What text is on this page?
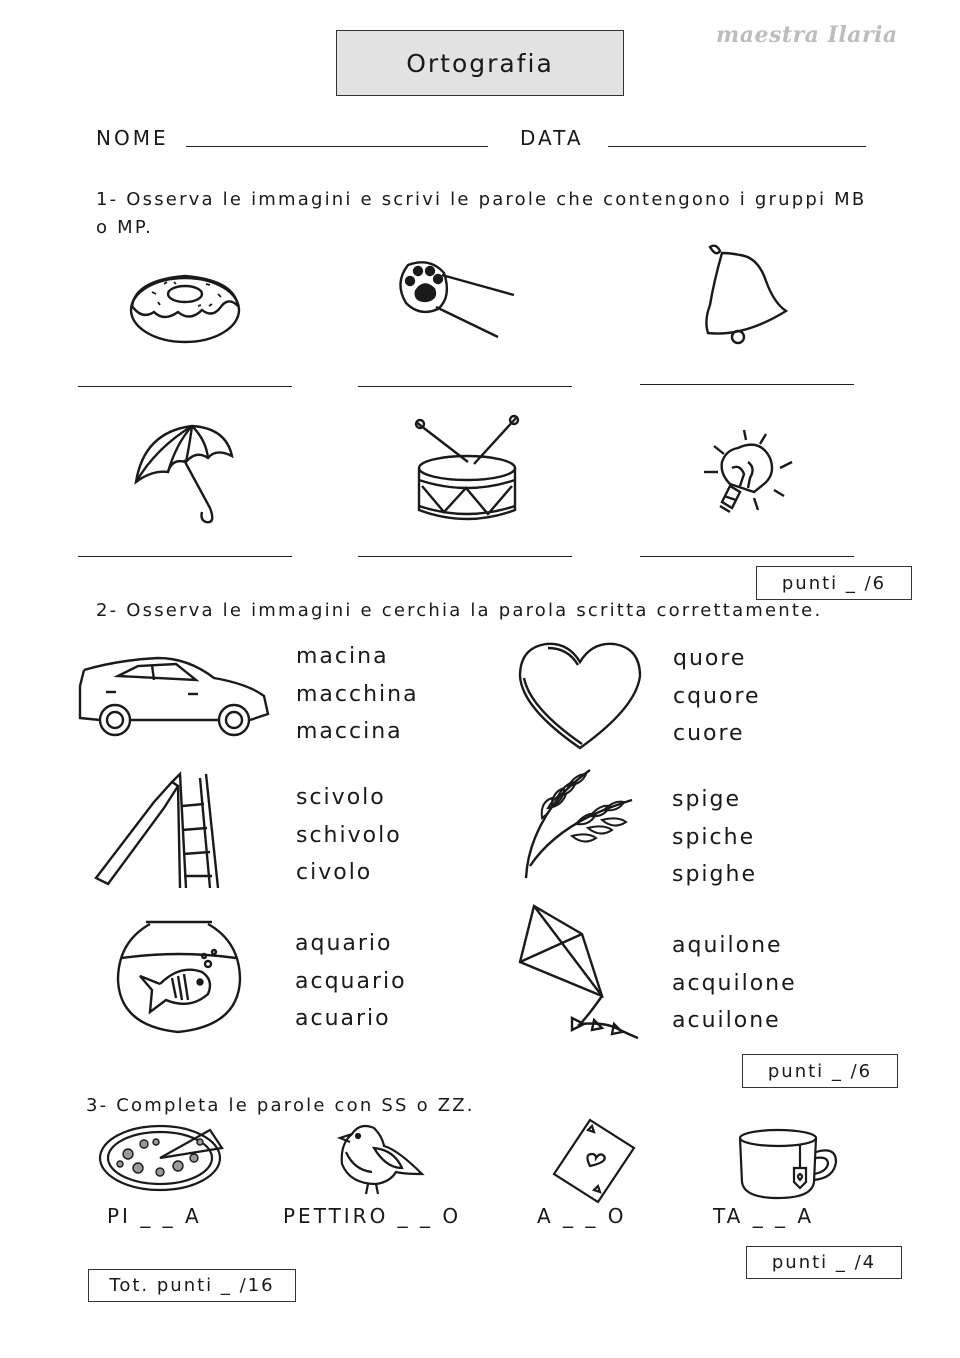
Ortografia
maestra Ilaria
NOME	DATA
1- Osserva le immagini e scrivi le parole che contengono i gruppi MB o MP.
punti _ /6
2- Osserva le immagini e cerchia la parola scritta correttamente.
macina
macchina
maccina
quore
cquore
cuore
scivolo
schivolo
civolo
spige
spiche
spighe
aquario
acquario
acuario
aquilone
acquilone
acuilone
punti _ /6
3- Completa le parole con SS o ZZ.
PI _ _ A	PETTIRO _ _ O	A _ _ O	TA _ _ A
punti _ /4
Tot. punti _ /16
